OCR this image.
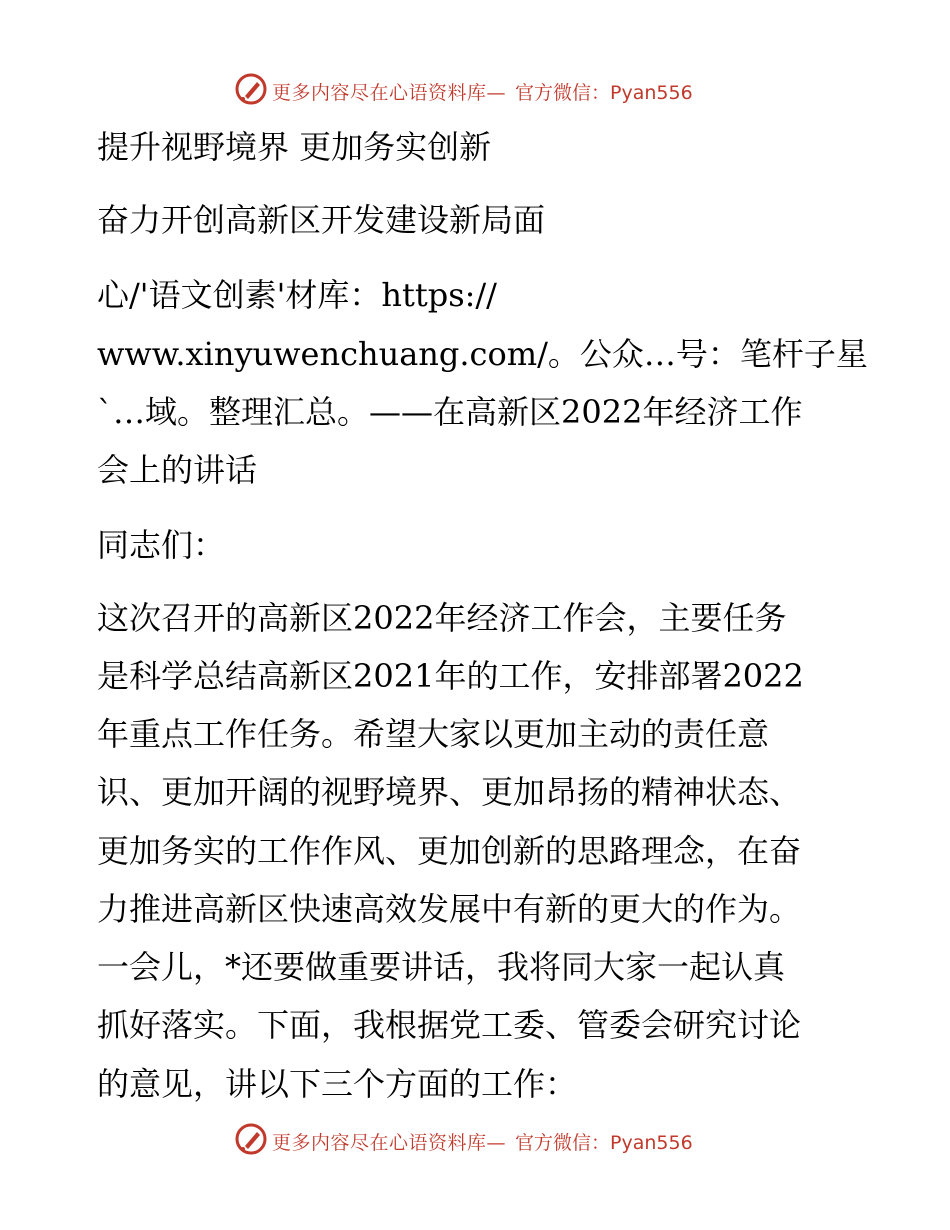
更多内容尽在心语资料库— 官方微信：Pyan556
提升视野境界 更加务实创新
奋力开创高新区开发建设新局面
心/'语文创素'材库：https://
www.xinyuwenchuang.com/。公众…号：笔杆子星
`…域。整理汇总。——在高新区2022年经济工作
会上的讲话
同志们：
这次召开的高新区2022年经济工作会，主要任务
是科学总结高新区2021年的工作，安排部署2022
年重点工作任务。希望大家以更加主动的责任意
识、更加开阔的视野境界、更加昂扬的精神状态、
更加务实的工作作风、更加创新的思路理念，在奋
力推进高新区快速高效发展中有新的更大的作为。
一会儿，*还要做重要讲话，我将同大家一起认真
抓好落实。下面，我根据党工委、管委会研究讨论
的意见，讲以下三个方面的工作：
更多内容尽在心语资料库— 官方微信：Pyan556
